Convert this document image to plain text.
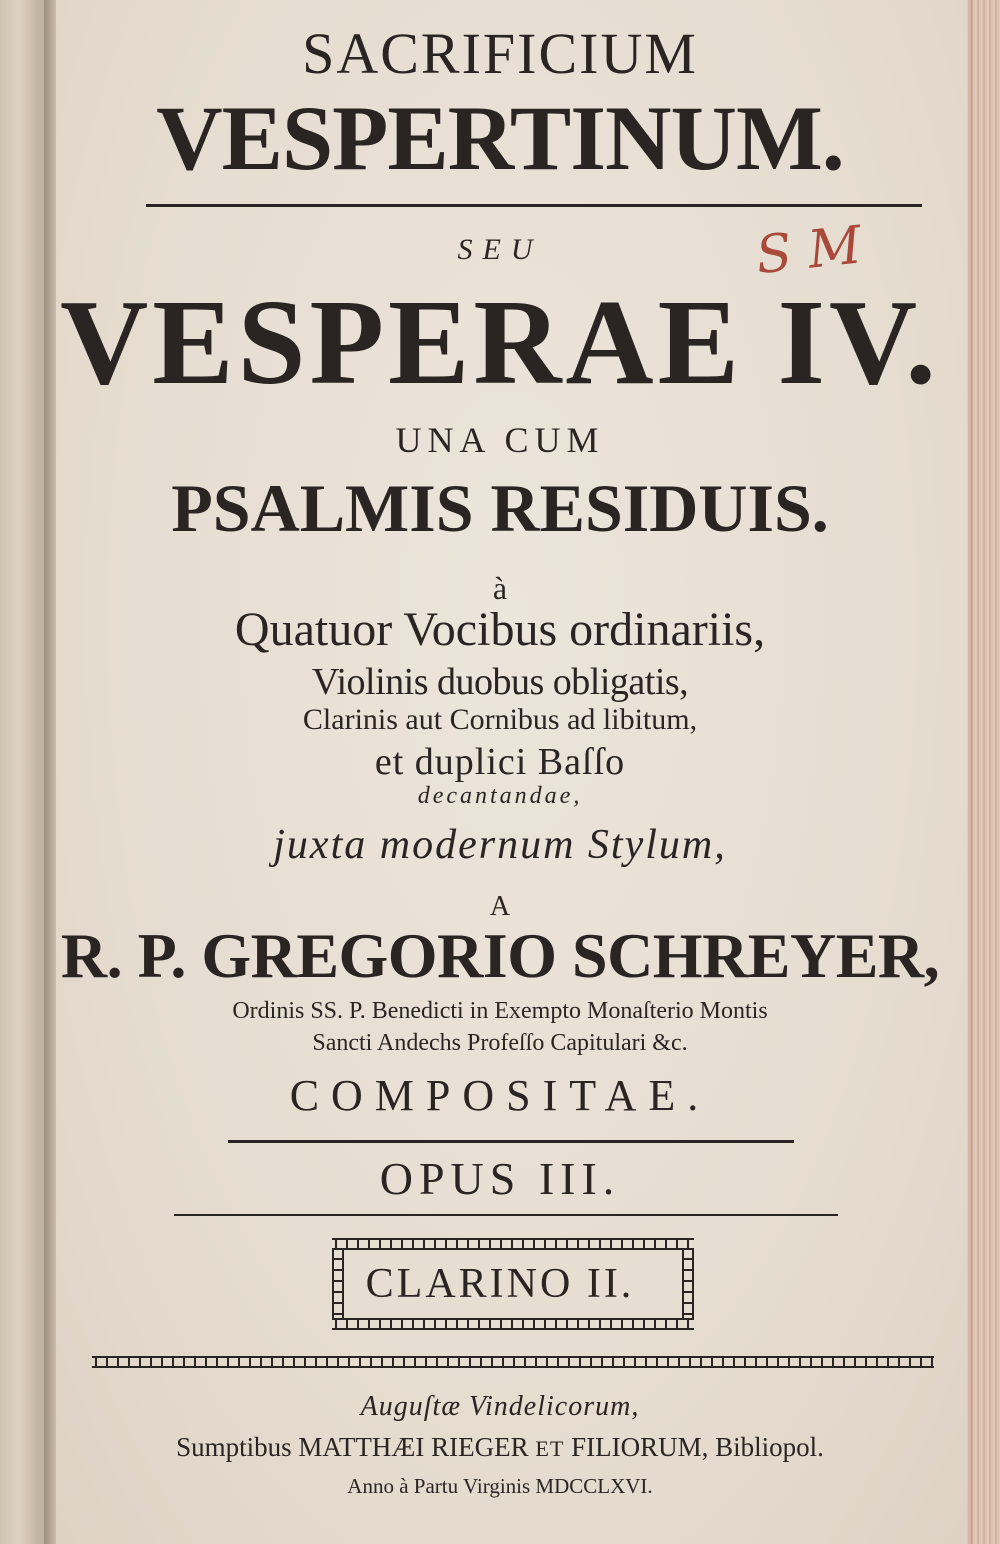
SACRIFICIUM
VESPERTINUM.
SEU	S M
VESPERAE IV.
UNA CUM
PSALMIS RESIDUIS.
à
Quatuor Vocibus ordinariis,
Violinis duobus obligatis,
Clarinis aut Cornibus ad libitum,
et duplici Baſſo
decantandae,
juxta modernum Stylum,
A
R. P. GREGORIO SCHREYER,
Ordinis SS. P. Benedicti in Exempto Monaſterio Montis
Sancti Andechs Profeſſo Capitulari &c.
COMPOSITAE.
OPUS III.
CLARINO II.
Auguſtæ Vindelicorum,
Sumptibus MATTHÆI RIEGER ET FILIORUM, Bibliopol.
Anno à Partu Virginis MDCCLXVI.
